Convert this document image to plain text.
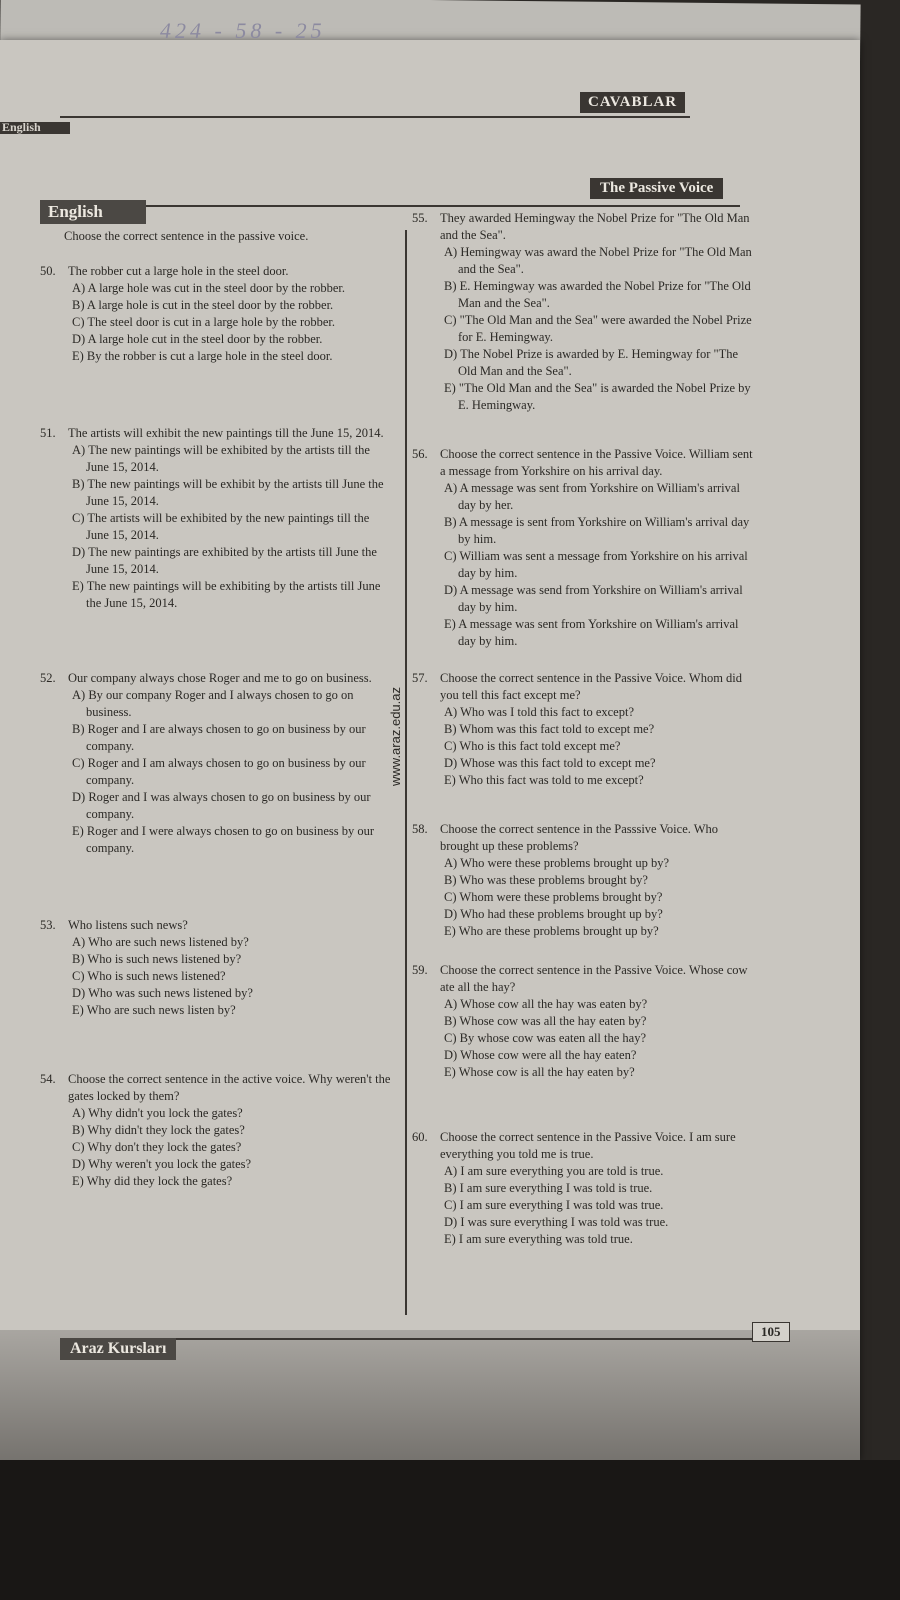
424 - 58 - 25
English
CAVABLAR
The Passive Voice
English
www.araz.edu.az
Choose the correct sentence in the passive voice.
50. The robber cut a large hole in the steel door.
A) A large hole was cut in the steel door by the robber.
B) A large hole is cut in the steel door by the robber.
C) The steel door is cut in a large hole by the robber.
D) A large hole cut in the steel door by the robber.
E) By the robber is cut a large hole in the steel door.
51. The artists will exhibit the new paintings till the June 15, 2014.
A) The new paintings will be exhibited by the artists till the June 15, 2014.
B) The new paintings will be exhibit by the artists till June the June 15, 2014.
C) The artists will be exhibited by the new paintings till the June 15, 2014.
D) The new paintings are exhibited by the artists till June the June 15, 2014.
E) The new paintings will be exhibiting by the artists till June the June 15, 2014.
52. Our company always chose Roger and me to go on business.
A) By our company Roger and I always chosen to go on business.
B) Roger and I are always chosen to go on business by our company.
C) Roger and I am always chosen to go on business by our company.
D) Roger and I was always chosen to go on business by our company.
E) Roger and I were always chosen to go on business by our company.
53. Who listens such news?
A) Who are such news listened by?
B) Who is such news listened by?
C) Who is such news listened?
D) Who was such news listened by?
E) Who are such news listen by?
54. Choose the correct sentence in the active voice. Why weren't the gates locked by them?
A) Why didn't you lock the gates?
B) Why didn't they lock the gates?
C) Why don't they lock the gates?
D) Why weren't you lock the gates?
E) Why did they lock the gates?
55. They awarded Hemingway the Nobel Prize for "The Old Man and the Sea".
A) Hemingway was award the Nobel Prize for "The Old Man and the Sea".
B) E. Hemingway was awarded the Nobel Prize for "The Old Man and the Sea".
C) "The Old Man and the Sea" were awarded the Nobel Prize for E. Hemingway.
D) The Nobel Prize is awarded by E. Hemingway for "The Old Man and the Sea".
E) "The Old Man and the Sea" is awarded the Nobel Prize by E. Hemingway.
56. Choose the correct sentence in the Passive Voice. William sent a message from Yorkshire on his arrival day.
A) A message was sent from Yorkshire on William's arrival day by her.
B) A message is sent from Yorkshire on William's arrival day by him.
C) William was sent a message from Yorkshire on his arrival day by him.
D) A message was send from Yorkshire on William's arrival day by him.
E) A message was sent from Yorkshire on William's arrival day by him.
57. Choose the correct sentence in the Passive Voice. Whom did you tell this fact except me?
A) Who was I told this fact to except?
B) Whom was this fact told to except me?
C) Who is this fact told except me?
D) Whose was this fact told to except me?
E) Who this fact was told to me except?
58. Choose the correct sentence in the Passsive Voice. Who brought up these problems?
A) Who were these problems brought up by?
B) Who was these problems brought by?
C) Whom were these problems brought by?
D) Who had these problems brought up by?
E) Who are these problems brought up by?
59. Choose the correct sentence in the Passive Voice. Whose cow ate all the hay?
A) Whose cow all the hay was eaten by?
B) Whose cow was all the hay eaten by?
C) By whose cow was eaten all the hay?
D) Whose cow were all the hay eaten?
E) Whose cow is all the hay eaten by?
60. Choose the correct sentence in the Passive Voice. I am sure everything you told me is true.
A) I am sure everything you are told is true.
B) I am sure everything I was told is true.
C) I am sure everything I was told was true.
D) I was sure everything I was told was true.
E) I am sure everything was told true.
Araz Kursları
105
